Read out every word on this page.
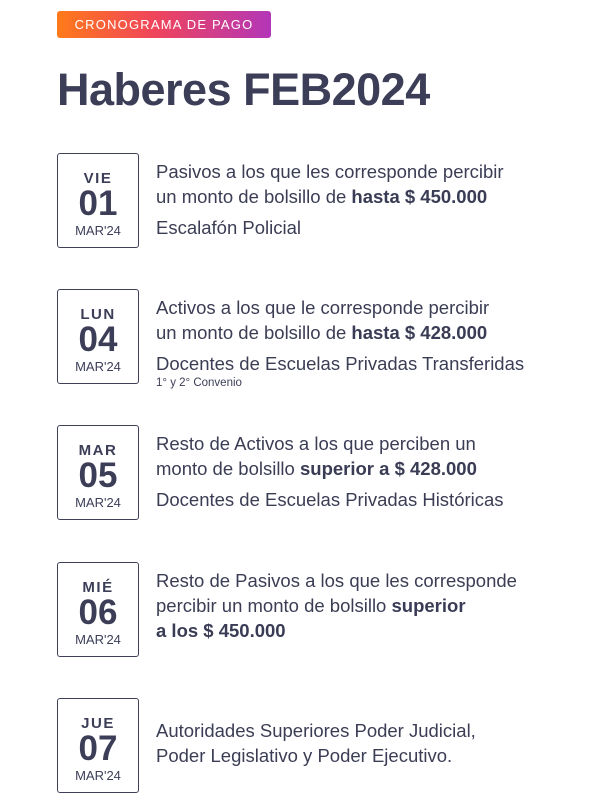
CRONOGRAMA DE PAGO
Haberes FEB2024
VIE
01
MAR'24
Pasivos a los que les corresponde percibir
un monto de bolsillo de hasta $ 450.000
Escalafón Policial
LUN
04
MAR'24
Activos a los que le corresponde percibir
un monto de bolsillo de hasta $ 428.000
Docentes de Escuelas Privadas Transferidas
1° y 2° Convenio
MAR
05
MAR'24
Resto de Activos a los que perciben un
monto de bolsillo superior a $ 428.000
Docentes de Escuelas Privadas Históricas
MIÉ
06
MAR'24
Resto de Pasivos a los que les corresponde
percibir un monto de bolsillo superior
a los $ 450.000
JUE
07
MAR'24
Autoridades Superiores Poder Judicial,
Poder Legislativo y Poder Ejecutivo.
